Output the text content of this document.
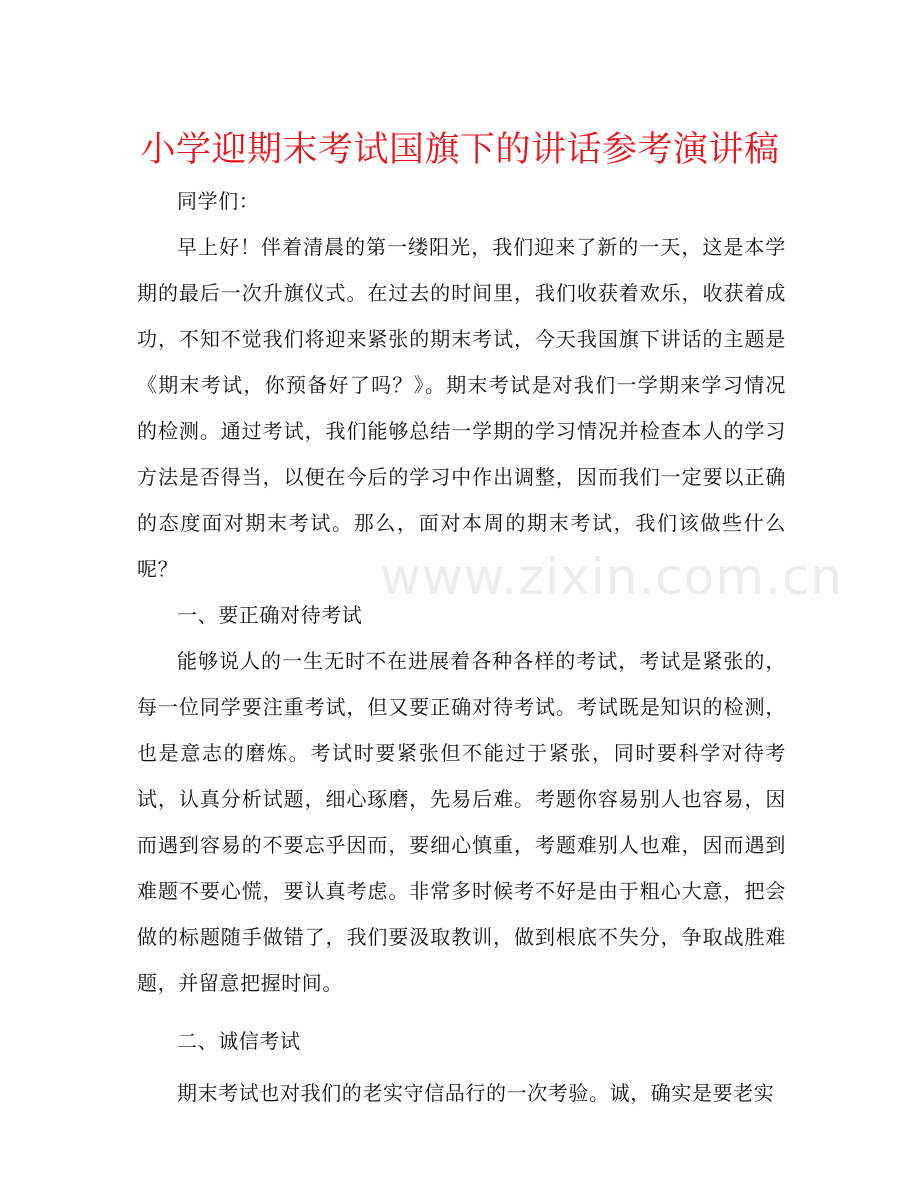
小学迎期末考试国旗下的讲话参考演讲稿
www.zixin.com.cn

同学们：

早上好！伴着清晨的第一缕阳光，我们迎来了新的一天，这是本学期的最后一次升旗仪式。在过去的时间里，我们收获着欢乐，收获着成功，不知不觉我们将迎来紧张的期末考试，今天我国旗下讲话的主题是《期末考试，你预备好了吗？》。期末考试是对我们一学期来学习情况的检测。通过考试，我们能够总结一学期的学习情况并检查本人的学习方法是否得当，以便在今后的学习中作出调整，因而我们一定要以正确的态度面对期末考试。那么，面对本周的期末考试，我们该做些什么呢？

一、要正确对待考试

能够说人的一生无时不在进展着各种各样的考试，考试是紧张的，每一位同学要注重考试，但又要正确对待考试。考试既是知识的检测，也是意志的磨炼。考试时要紧张但不能过于紧张，同时要科学对待考试，认真分析试题，细心琢磨，先易后难。考题你容易别人也容易，因而遇到容易的不要忘乎因而，要细心慎重，考题难别人也难，因而遇到难题不要心慌，要认真考虑。非常多时候考不好是由于粗心大意，把会做的标题随手做错了，我们要汲取教训，做到根底不失分，争取战胜难题，并留意把握时间。

二、诚信考试

期末考试也对我们的老实守信品行的一次考验。诚，确实是要老实
